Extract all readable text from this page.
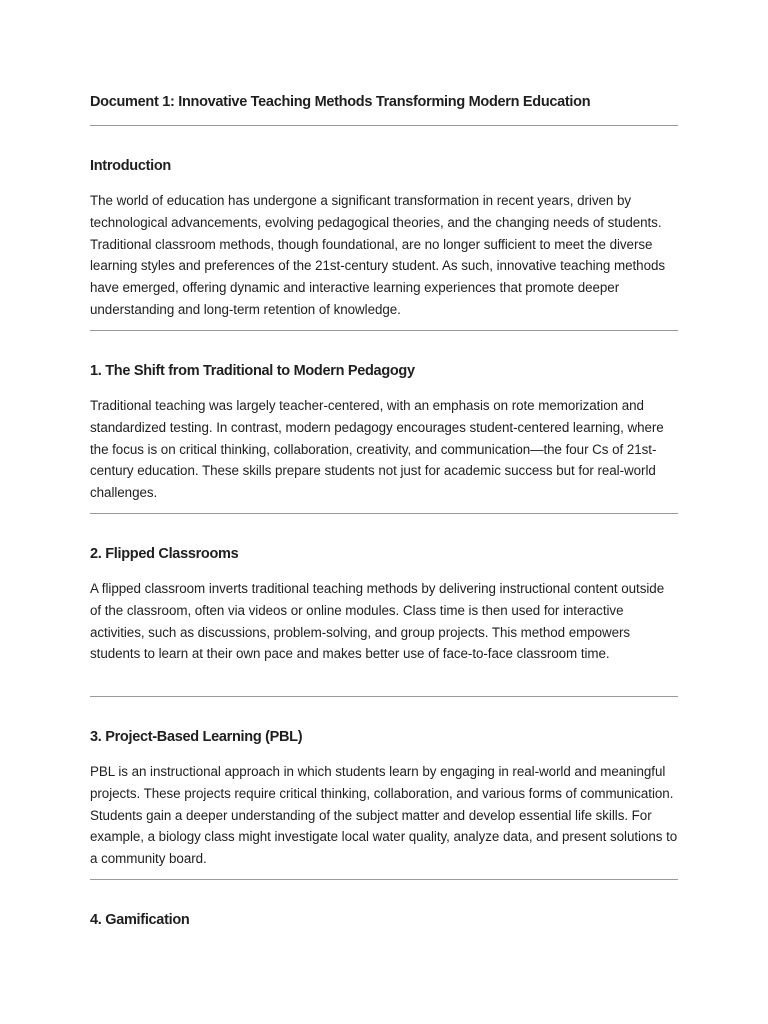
Document 1: Innovative Teaching Methods Transforming Modern Education
Introduction

The world of education has undergone a significant transformation in recent years, driven by technological advancements, evolving pedagogical theories, and the changing needs of students. Traditional classroom methods, though foundational, are no longer sufficient to meet the diverse learning styles and preferences of the 21st-century student. As such, innovative teaching methods have emerged, offering dynamic and interactive learning experiences that promote deeper understanding and long-term retention of knowledge.

1. The Shift from Traditional to Modern Pedagogy

Traditional teaching was largely teacher-centered, with an emphasis on rote memorization and standardized testing. In contrast, modern pedagogy encourages student-centered learning, where the focus is on critical thinking, collaboration, creativity, and communication—the four Cs of 21st-century education. These skills prepare students not just for academic success but for real-world challenges.

2. Flipped Classrooms

A flipped classroom inverts traditional teaching methods by delivering instructional content outside of the classroom, often via videos or online modules. Class time is then used for interactive activities, such as discussions, problem-solving, and group projects. This method empowers students to learn at their own pace and makes better use of face-to-face classroom time.

3. Project-Based Learning (PBL)

PBL is an instructional approach in which students learn by engaging in real-world and meaningful projects. These projects require critical thinking, collaboration, and various forms of communication. Students gain a deeper understanding of the subject matter and develop essential life skills. For example, a biology class might investigate local water quality, analyze data, and present solutions to a community board.

4. Gamification
